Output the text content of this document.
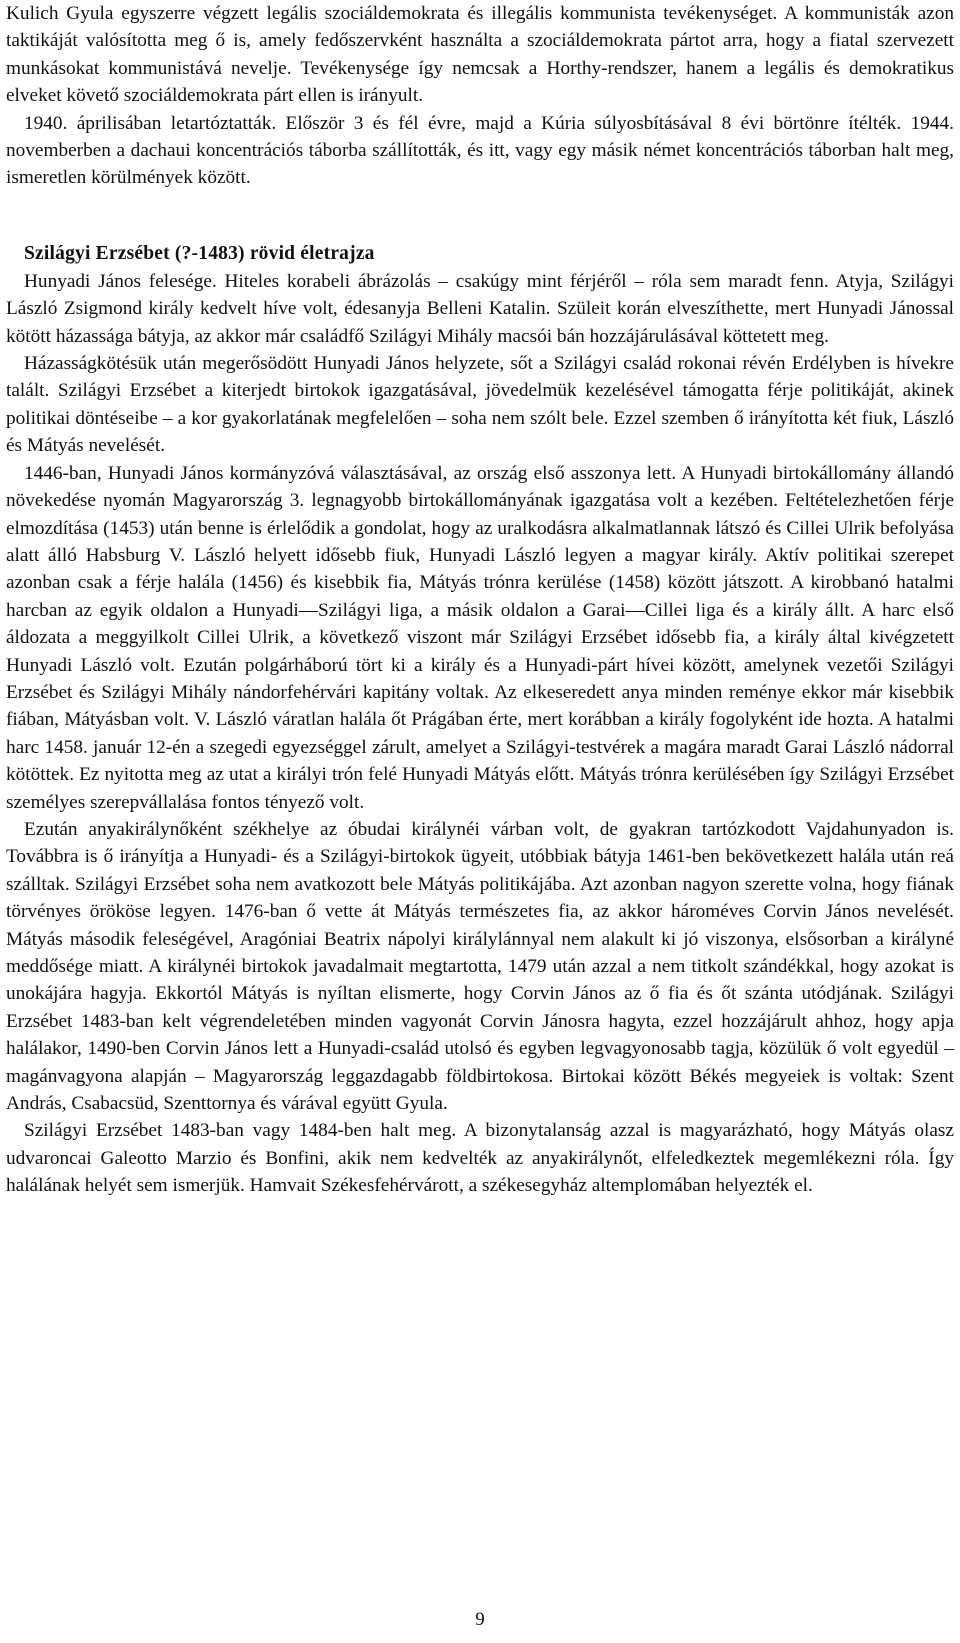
Kulich Gyula egyszerre végzett legális szociáldemokrata és illegális kommunista tevékenységet. A kommunisták azon taktikáját valósította meg ő is, amely fedőszervként használta a szociáldemokrata pártot arra, hogy a fiatal szervezett munkásokat kommunistává nevelje. Tevékenysége így nemcsak a Horthy-rendszer, hanem a legális és demokratikus elveket követő szociáldemokrata párt ellen is irányult.

1940. áprilisában letartóztatták. Először 3 és fél évre, majd a Kúria súlyosbításával 8 évi börtönre ítélték. 1944. novemberben a dachaui koncentrációs táborba szállították, és itt, vagy egy másik német koncentrációs táborban halt meg, ismeretlen körülmények között.

Szilágyi Erzsébet (?-1483) rövid életrajza

Hunyadi János felesége. Hiteles korabeli ábrázolás – csakúgy mint férjéről – róla sem maradt fenn. Atyja, Szilágyi László Zsigmond király kedvelt híve volt, édesanyja Belleni Katalin. Szüleit korán elveszíthette, mert Hunyadi Jánossal kötött házassága bátyja, az akkor már családfő Szilágyi Mihály macsói bán hozzájárulásával köttetett meg.

Házasságkötésük után megerősödött Hunyadi János helyzete, sőt a Szilágyi család rokonai révén Erdélyben is hívekre talált. Szilágyi Erzsébet a kiterjedt birtokok igazgatásával, jövedelmük kezelésével támogatta férje politikáját, akinek politikai döntéseibe – a kor gyakorlatának megfelelően – soha nem szólt bele. Ezzel szemben ő irányította két fiuk, László és Mátyás nevelését.

1446-ban, Hunyadi János kormányzóvá választásával, az ország első asszonya lett. A Hunyadi birtokállomány állandó növekedése nyomán Magyarország 3. legnagyobb birtokállományának igazgatása volt a kezében. Feltételezhetően férje elmozdítása (1453) után benne is érlelődik a gondolat, hogy az uralkodásra alkalmatlannak látszó és Cillei Ulrik befolyása alatt álló Habsburg V. László helyett idősebb fiuk, Hunyadi László legyen a magyar király. Aktív politikai szerepet azonban csak a férje halála (1456) és kisebbik fia, Mátyás trónra kerülése (1458) között játszott. A kirobbanó hatalmi harcban az egyik oldalon a Hunyadi—Szilágyi liga, a másik oldalon a Garai—Cillei liga és a király állt. A harc első áldozata a meggyilkolt Cillei Ulrik, a következő viszont már Szilágyi Erzsébet idősebb fia, a király által kivégzetett Hunyadi László volt. Ezután polgárháború tört ki a király és a Hunyadi-párt hívei között, amelynek vezetői Szilágyi Erzsébet és Szilágyi Mihály nándorfehérvári kapitány voltak. Az elkeseredett anya minden reménye ekkor már kisebbik fiában, Mátyásban volt. V. László váratlan halála őt Prágában érte, mert korábban a király fogolyként ide hozta. A hatalmi harc 1458. január 12-én a szegedi egyezséggel zárult, amelyet a Szilágyi-testvérek a magára maradt Garai László nádorral kötöttek. Ez nyitotta meg az utat a királyi trón felé Hunyadi Mátyás előtt. Mátyás trónra kerülésében így Szilágyi Erzsébet személyes szerepvállalása fontos tényező volt.

Ezután anyakirálynőként székhelye az óbudai királynéi várban volt, de gyakran tartózkodott Vajdahunyadon is. Továbbra is ő irányítja a Hunyadi- és a Szilágyi-birtokok ügyeit, utóbbiak bátyja 1461-ben bekövetkezett halála után reá szálltak. Szilágyi Erzsébet soha nem avatkozott bele Mátyás politikájába. Azt azonban nagyon szerette volna, hogy fiának törvényes örököse legyen. 1476-ban ő vette át Mátyás természetes fia, az akkor hároméves Corvin János nevelését. Mátyás második feleségével, Aragóniai Beatrix nápolyi királylánnyal nem alakult ki jó viszonya, elsősorban a királyné meddősége miatt. A királynéi birtokok javadalmait megtartotta, 1479 után azzal a nem titkolt szándékkal, hogy azokat is unokájára hagyja. Ekkortól Mátyás is nyíltan elismerte, hogy Corvin János az ő fia és őt szánta utódjának. Szilágyi Erzsébet 1483-ban kelt végrendeletében minden vagyonát Corvin Jánosra hagyta, ezzel hozzájárult ahhoz, hogy apja halálakor, 1490-ben Corvin János lett a Hunyadi-család utolsó és egyben legvagyonosabb tagja, közülük ő volt egyedül – magánvagyona alapján – Magyarország leggazdagabb földbirtokosa. Birtokai között Békés megyeiek is voltak: Szent András, Csabacsüd, Szenttornya és várával együtt Gyula.

Szilágyi Erzsébet 1483-ban vagy 1484-ben halt meg. A bizonytalanság azzal is magyarázható, hogy Mátyás olasz udvaroncai Galeotto Marzio és Bonfini, akik nem kedvelték az anyakirálynőt, elfeledkeztek megemlékezni róla. Így halálának helyét sem ismerjük. Hamvait Székesfehérvárott, a székesegyház altemplomában helyezték el.

9
